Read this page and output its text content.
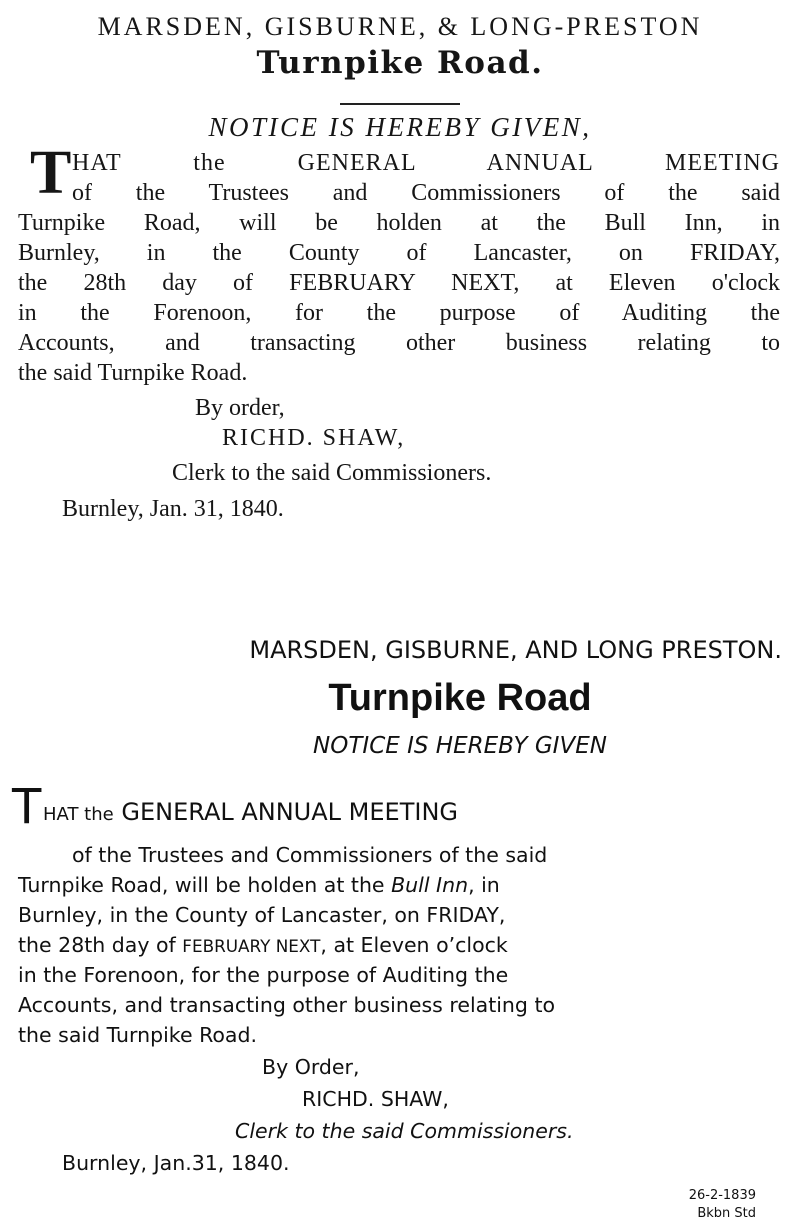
MARSDEN, GISBURNE, & LONG-PRESTON
Turnpike Road.
NOTICE IS HEREBY GIVEN,
T HAT the GENERAL ANNUAL MEETING
of the Trustees and Commissioners of the said
Turnpike Road, will be holden at the Bull Inn, in
Burnley, in the County of Lancaster, on FRIDAY,
the 28th day of FEBRUARY NEXT, at Eleven o'clock
in the Forenoon, for the purpose of Auditing the
Accounts, and transacting other business relating to
the said Turnpike Road.
By order,
RICHD. SHAW,
Clerk to the said Commissioners.
Burnley, Jan. 31, 1840.
MARSDEN, GISBURNE, AND LONG PRESTON.
Turnpike Road
NOTICE IS HEREBY GIVEN
T HAT the GENERAL ANNUAL MEETING
of the Trustees and Commissioners of the said
Turnpike Road, will be holden at the Bull Inn, in
Burnley, in the County of Lancaster, on FRIDAY,
the 28th day of FEBRUARY NEXT, at Eleven o’clock
in the Forenoon, for the purpose of Auditing the
Accounts, and transacting other business relating to
the said Turnpike Road.
By Order,
RICHD. SHAW,
Clerk to the said Commissioners.
Burnley, Jan.31, 1840.
26-2-1839
Bkbn Std
